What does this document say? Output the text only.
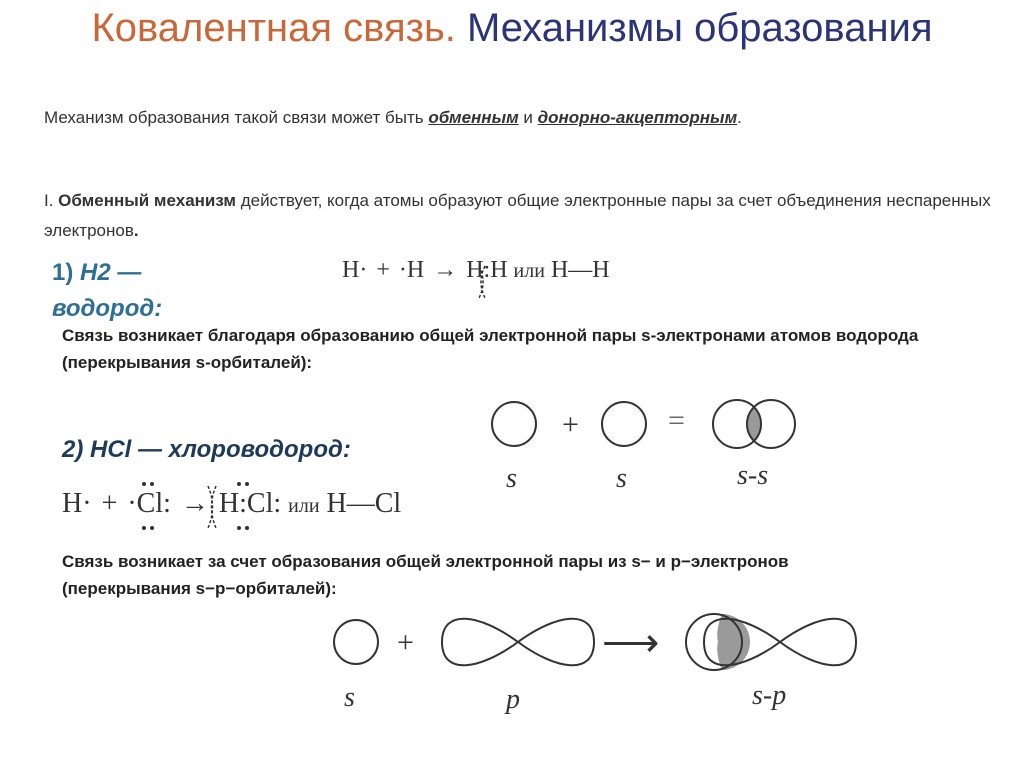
Ковалентная связь. Механизмы образования
Механизм образования такой связи может быть обменным и донорно-акцепторным.
I. Обменный механизм действует, когда атомы образуют общие электронные пары за счет объединения неспаренных электронов.
1) H2 —
водород:
H· + ·H → H:H или H—H
Связь возникает благодаря образованию общей электронной пары s-электронами атомов водорода (перекрывания s-орбиталей):
2) HCl — хлороводород:
H· + ·Cl: → H:Cl: или H—Cl
Связь возникает за счет образования общей электронной пары из s− и p−электронов (перекрывания s−p−орбиталей):
+	=
s	s	s-s
+	⟶
s	p	s-p
